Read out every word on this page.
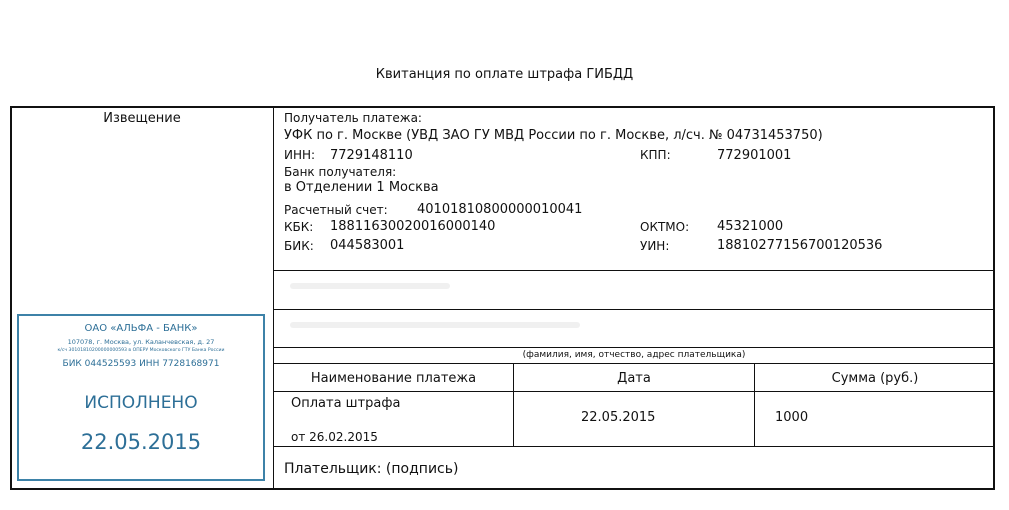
Квитанция по оплате штрафа ГИБДД
Извещение	Получатель платежа:
УФК по г. Москве (УВД ЗАО ГУ МВД России по г. Москве, л/сч. № 04731453750)
ИНН: 7729148110	КПП:	772901001
Банк получателя:
в Отделении 1 Москва
Расчетный счет: 40101810800000010041
КБК: 18811630020016000140	ОКТМО: 45321000
БИК: 044583001	УИН:	18810277156700120536
(фамилия, имя, отчество, адрес плательщика)
Наименование платежа	Дата	Сумма (руб.)
Оплата штрафа
от 26.02.2015
22.05.2015	1000
Плательщик: (подпись)
ОАО «АЛЬФА - БАНК»
107078, г. Москва, ул. Каланчевская, д. 27
к/сч 30101810200000000593 в ОПЕРУ Московского ГТУ Банка России
БИК 044525593 ИНН 7728168971
ИСПОЛНЕНО
22.05.2015
